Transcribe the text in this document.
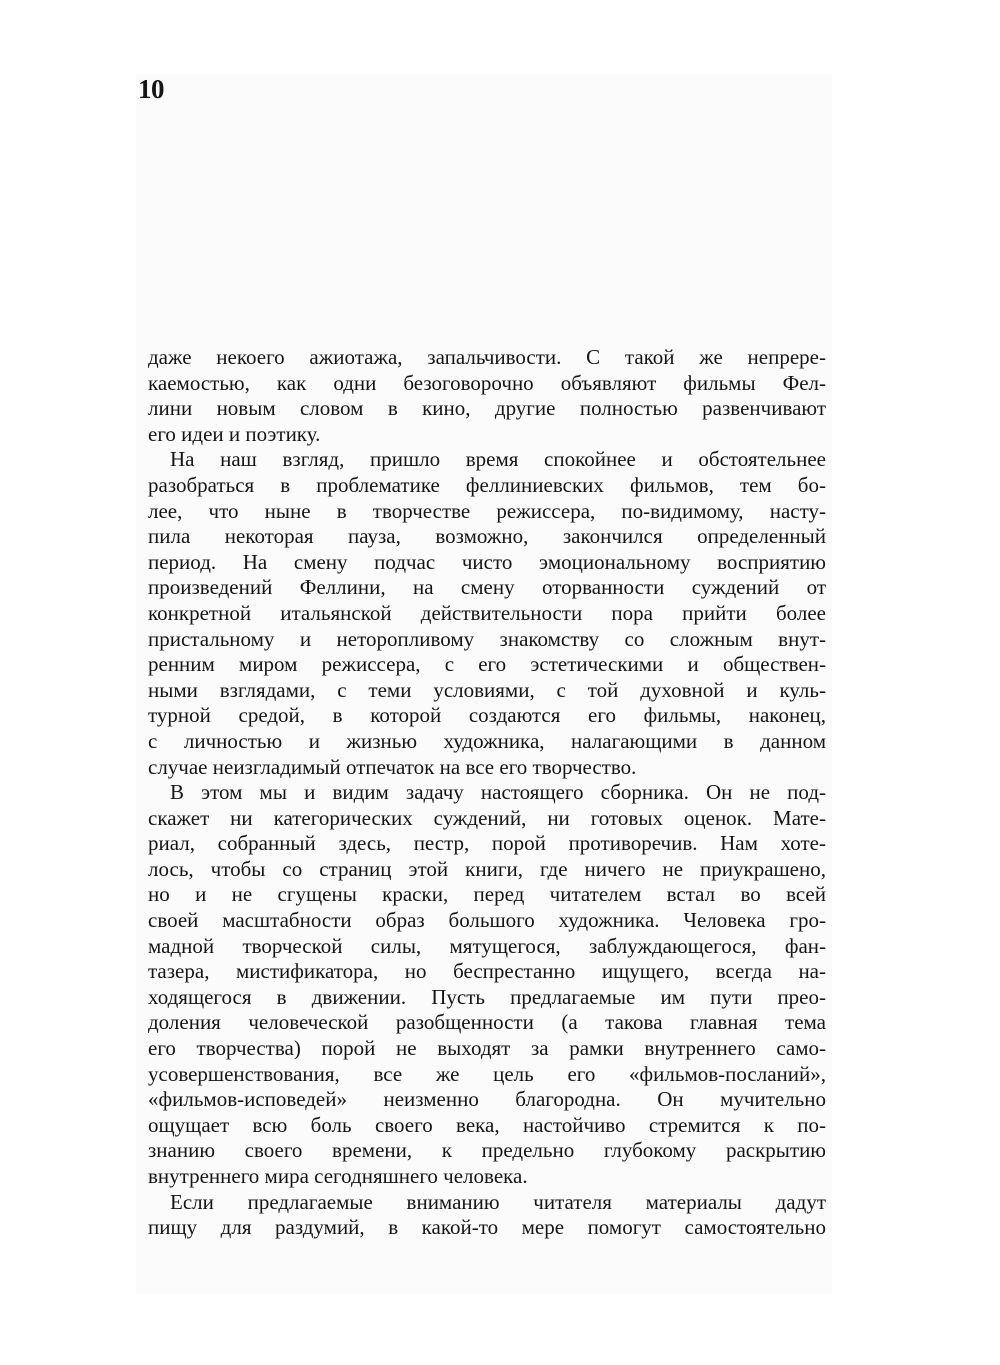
10
даже некоего ажиотажа, запальчивости. С такой же непрере-
каемостью, как одни безоговорочно объявляют фильмы Фел-
лини новым словом в кино, другие полностью развенчивают
его идеи и поэтику.
На наш взгляд, пришло время спокойнее и обстоятельнее
разобраться в проблематике феллиниевских фильмов, тем бо-
лее, что ныне в творчестве режиссера, по-видимому, насту-
пила некоторая пауза, возможно, закончился определенный
период. На смену подчас чисто эмоциональному восприятию
произведений Феллини, на смену оторванности суждений от
конкретной итальянской действительности пора прийти более
пристальному и неторопливому знакомству со сложным внут-
ренним миром режиссера, с его эстетическими и обществен-
ными взглядами, с теми условиями, с той духовной и куль-
турной средой, в которой создаются его фильмы, наконец,
с личностью и жизнью художника, налагающими в данном
случае неизгладимый отпечаток на все его творчество.
В этом мы и видим задачу настоящего сборника. Он не под-
скажет ни категорических суждений, ни готовых оценок. Мате-
риал, собранный здесь, пестр, порой противоречив. Нам хоте-
лось, чтобы со страниц этой книги, где ничего не приукрашено,
но и не сгущены краски, перед читателем встал во всей
своей масштабности образ большого художника. Человека гро-
мадной творческой силы, мятущегося, заблуждающегося, фан-
тазера, мистификатора, но беспрестанно ищущего, всегда на-
ходящегося в движении. Пусть предлагаемые им пути прео-
доления человеческой разобщенности (а такова главная тема
его творчества) порой не выходят за рамки внутреннего само-
усовершенствования, все же цель его «фильмов-посланий»,
«фильмов-исповедей» неизменно благородна. Он мучительно
ощущает всю боль своего века, настойчиво стремится к по-
знанию своего времени, к предельно глубокому раскрытию
внутреннего мира сегодняшнего человека.
Если предлагаемые вниманию читателя материалы дадут
пищу для раздумий, в какой-то мере помогут самостоятельно
